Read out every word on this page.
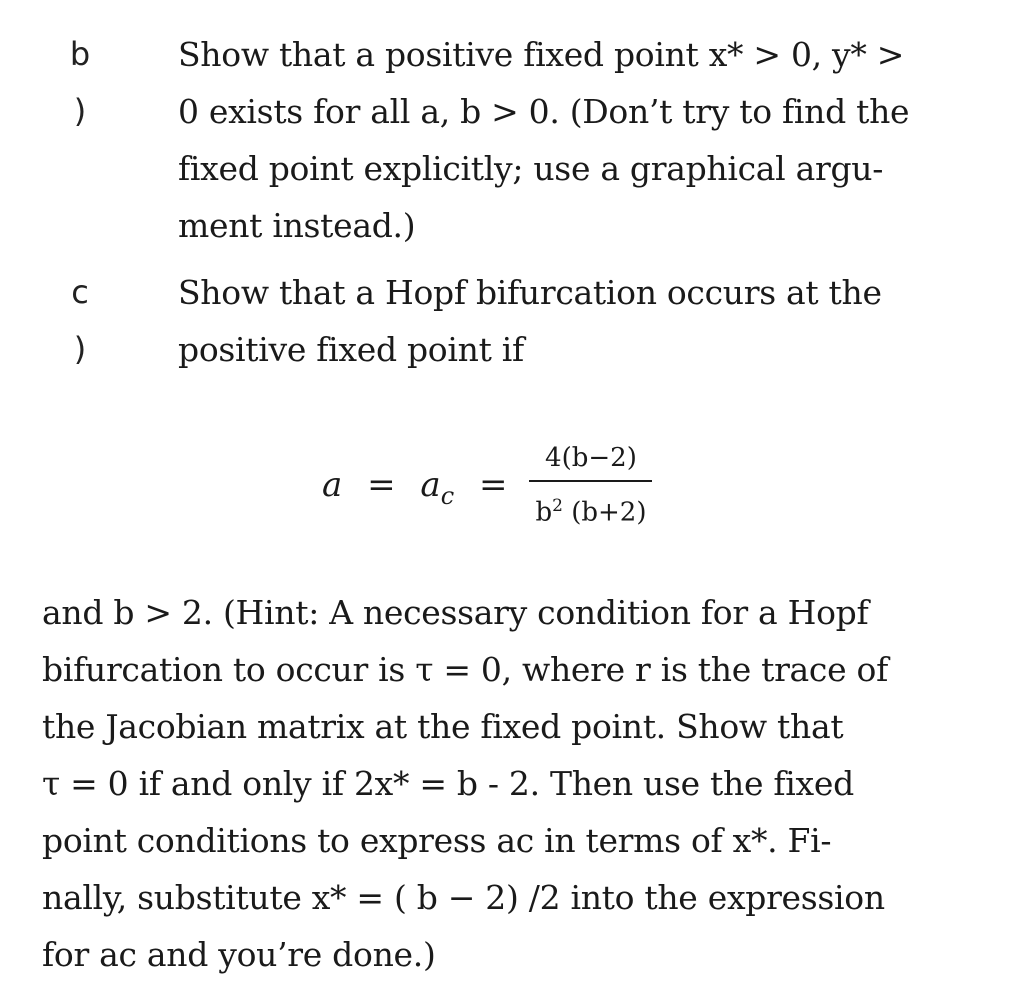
b
)
Show that a positive fixed point x* > 0, y* >
0 exists for all a, b > 0. (Don’t try to find the
fixed point explicitly; use a graphical argu-
ment instead.)
c
)
Show that a Hopf bifurcation occurs at the
positive fixed point if
$a = a_c = \frac{4(b-2)}{b^2 (b+2)}$
and b > 2. (Hint: A necessary condition for a Hopf
bifurcation to occur is τ = 0, where r is the trace of
the Jacobian matrix at the fixed point. Show that
τ = 0 if and only if 2x* = b - 2. Then use the fixed
point conditions to express ac in terms of x*. Fi-
nally, substitute x* = ( b − 2) /2 into the expression
for ac and you’re done.)
